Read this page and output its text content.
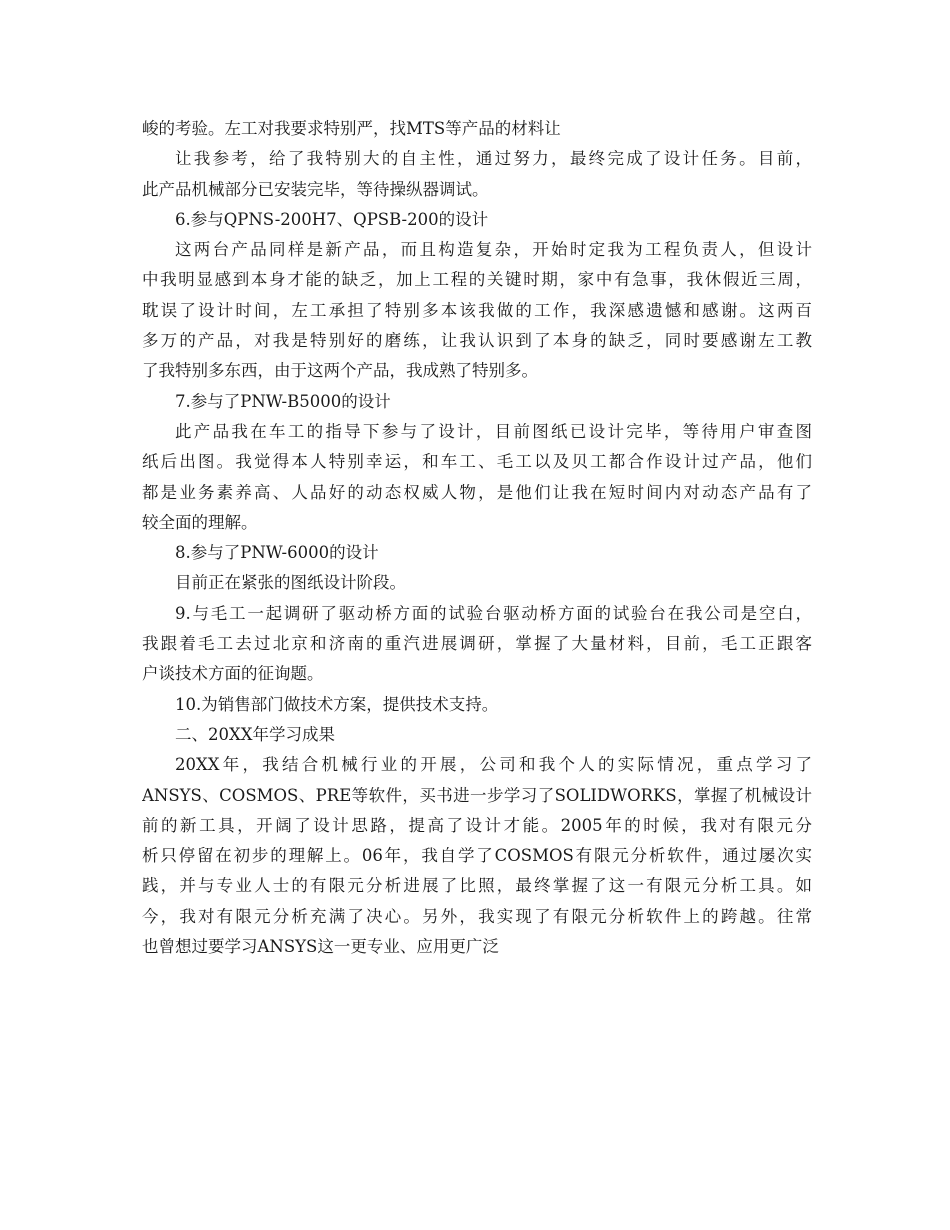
峻的考验。左工对我要求特别严，找MTS等产品的材料让
让我参考，给了我特别大的自主性，通过努力，最终完成了设计任务。目前，
此产品机械部分已安装完毕，等待操纵器调试。
6.参与QPNS-200H7、QPSB-200的设计
这两台产品同样是新产品，而且构造复杂，开始时定我为工程负责人，但设计
中我明显感到本身才能的缺乏，加上工程的关键时期，家中有急事，我休假近三周，
耽误了设计时间，左工承担了特别多本该我做的工作，我深感遗憾和感谢。这两百
多万的产品，对我是特别好的磨练，让我认识到了本身的缺乏，同时要感谢左工教
了我特别多东西，由于这两个产品，我成熟了特别多。
7.参与了PNW-B5000的设计
此产品我在车工的指导下参与了设计，目前图纸已设计完毕，等待用户审查图
纸后出图。我觉得本人特别幸运，和车工、毛工以及贝工都合作设计过产品，他们
都是业务素养高、人品好的动态权威人物，是他们让我在短时间内对动态产品有了
较全面的理解。
8.参与了PNW-6000的设计
目前正在紧张的图纸设计阶段。
9.与毛工一起调研了驱动桥方面的试验台驱动桥方面的试验台在我公司是空白，
我跟着毛工去过北京和济南的重汽进展调研，掌握了大量材料，目前，毛工正跟客
户谈技术方面的征询题。
10.为销售部门做技术方案，提供技术支持。
二、20XX年学习成果
20XX年，我结合机械行业的开展，公司和我个人的实际情况，重点学习了
ANSYS、COSMOS、PRE等软件，买书进一步学习了SOLIDWORKS，掌握了机械设计
前的新工具，开阔了设计思路，提高了设计才能。2005年的时候，我对有限元分
析只停留在初步的理解上。06年，我自学了COSMOS有限元分析软件，通过屡次实
践，并与专业人士的有限元分析进展了比照，最终掌握了这一有限元分析工具。如
今，我对有限元分析充满了决心。另外，我实现了有限元分析软件上的跨越。往常
也曾想过要学习ANSYS这一更专业、应用更广泛
